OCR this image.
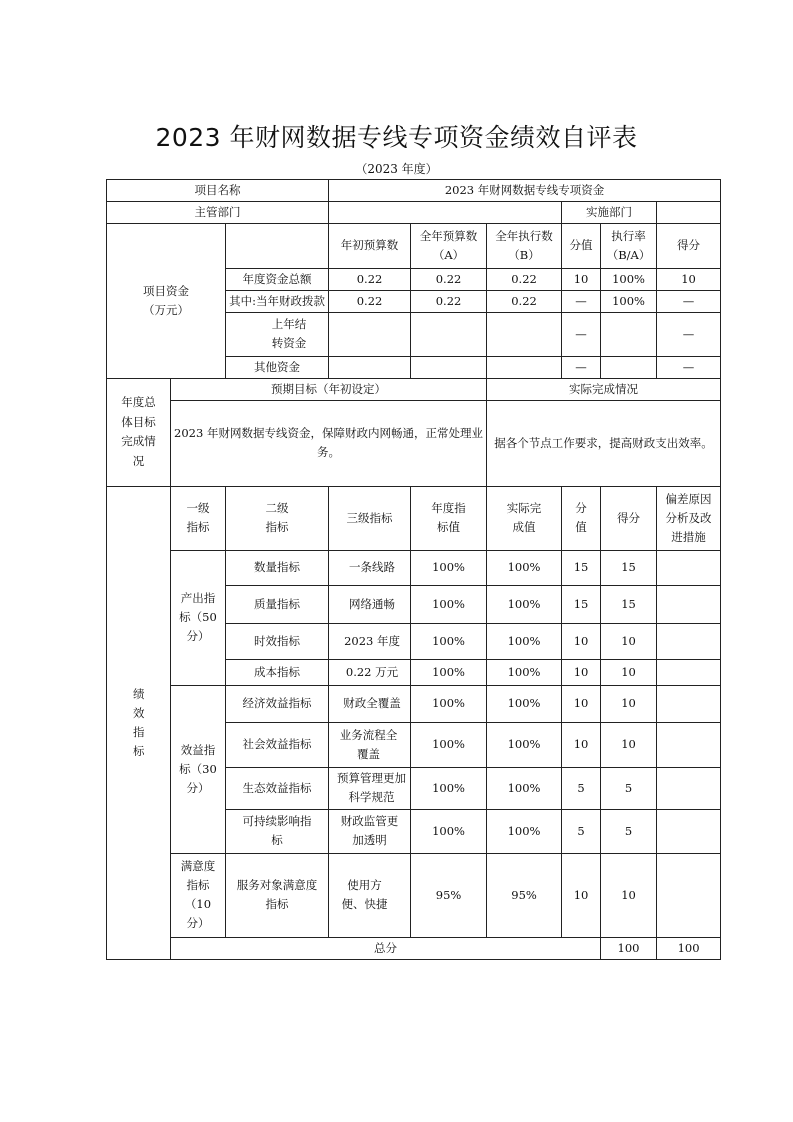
2023 年财网数据专线专项资金绩效自评表
（2023 年度）
项目名称			2023 年财网数据专线专项资金						
主管部门						实施部门			
项目资金
（万元）			年初预算数	全年预算数（A）	全年执行数（B）	分值	执行率（B/A）	得分	
		年度资金总额	0.22	0.22	0.22	10	100%	10	
		其中:当年财政拨款	0.22	0.22	0.22	—	100%	—	
		上年结转资金				—		—	
		其他资金				—		—	
年度总体目标完成情况	预期目标（年初设定）				实际完成情况				
	2023 年财网数据专线资金，保障财政内网畅通，正常处理业务。				据各个节点工作要求，提高财政支出效率。				
绩效指标	一级指标	二级指标	三级指标	年度指标值	实际完成值	分值	得分	偏差原因分析及改进措施	
	产出指标（50分）	数量指标	一条线路	100%	100%	15	15		
		质量指标	网络通畅	100%	100%	15	15		
		时效指标	2023 年度	100%	100%	10	10		
		成本指标	0.22 万元	100%	100%	10	10		
	效益指标（30分）	经济效益指标	财政全覆盖	100%	100%	10	10		
		社会效益指标	业务流程全覆盖	100%	100%	10	10		
		生态效益指标	预算管理更加科学规范	100%	100%	5	5		
		可持续影响指标	财政监管更加透明	100%	100%	5	5		
	满意度指标（10分）	服务对象满意度指标	使用方便、快捷	95%	95%	10	10		
	总分						100	100	
